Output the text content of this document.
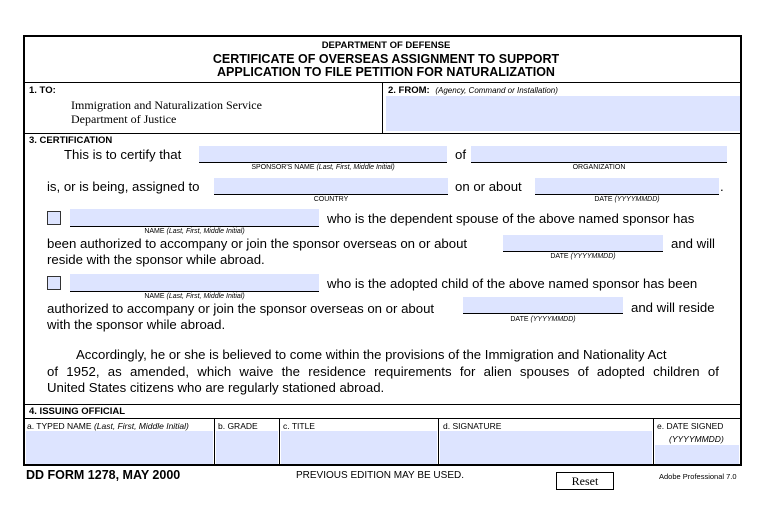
DEPARTMENT OF DEFENSE
CERTIFICATE OF OVERSEAS ASSIGNMENT TO SUPPORT
APPLICATION TO FILE PETITION FOR NATURALIZATION
1. TO:
Immigration and Naturalization Service
Department of Justice
2. FROM: (Agency, Command or Installation)
3. CERTIFICATION
This is to certify that
SPONSOR'S NAME (Last, First, Middle Initial)
of
ORGANIZATION
is, or is being, assigned to
COUNTRY
on or about	.
DATE (YYYYMMDD)
NAME (Last, First, Middle Initial)
who is the dependent spouse of the above named sponsor has
been authorized to accompany or join the sponsor overseas on or about
DATE (YYYYMMDD)
and will
reside with the sponsor while abroad.
NAME (Last, First, Middle Initial)
who is the adopted child of the above named sponsor has been
authorized to accompany or join the sponsor overseas on or about
DATE (YYYYMMDD)
and will reside
with the sponsor while abroad.
Accordingly, he or she is believed to come within the provisions of the Immigration and Nationality Act
of 1952, as amended, which waive the residence requirements for alien spouses of adopted children of
United States citizens who are regularly stationed abroad.
4. ISSUING OFFICIAL
a. TYPED NAME (Last, First, Middle Initial)	b. GRADE	c. TITLE	d. SIGNATURE	e. DATE SIGNED
(YYYYMMDD)
DD FORM 1278, MAY 2000	PREVIOUS EDITION MAY BE USED.	Reset	Adobe Professional 7.0
